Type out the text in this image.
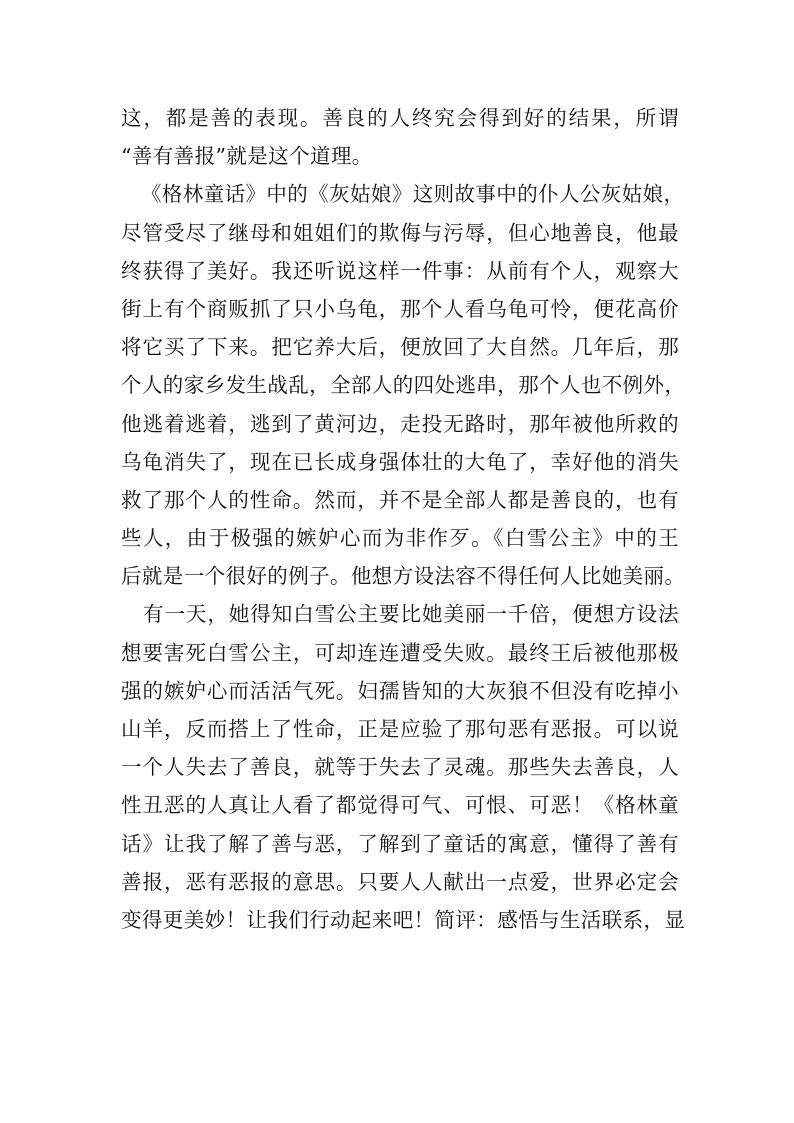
这，都是善的表现。善良的人终究会得到好的结果，所谓
“善有善报”就是这个道理。
《格林童话》中的《灰姑娘》这则故事中的仆人公灰姑娘，
尽管受尽了继母和姐姐们的欺侮与污辱，但心地善良，他最
终获得了美好。我还听说这样一件事：从前有个人，观察大
街上有个商贩抓了只小乌龟，那个人看乌龟可怜，便花高价
将它买了下来。把它养大后，便放回了大自然。几年后，那
个人的家乡发生战乱，全部人的四处逃串，那个人也不例外，
他逃着逃着，逃到了黄河边，走投无路时，那年被他所救的
乌龟消失了，现在已长成身强体壮的大龟了，幸好他的消失
救了那个人的性命。然而，并不是全部人都是善良的，也有
些人，由于极强的嫉妒心而为非作歹。《白雪公主》中的王
后就是一个很好的例子。他想方设法容不得任何人比她美丽。
有一天，她得知白雪公主要比她美丽一千倍，便想方设法
想要害死白雪公主，可却连连遭受失败。最终王后被他那极
强的嫉妒心而活活气死。妇孺皆知的大灰狼不但没有吃掉小
山羊，反而搭上了性命，正是应验了那句恶有恶报。可以说
一个人失去了善良，就等于失去了灵魂。那些失去善良，人
性丑恶的人真让人看了都觉得可气、可恨、可恶！《格林童
话》让我了解了善与恶，了解到了童话的寓意，懂得了善有
善报，恶有恶报的意思。只要人人献出一点爱，世界必定会
变得更美妙！让我们行动起来吧！简评：感悟与生活联系，显
